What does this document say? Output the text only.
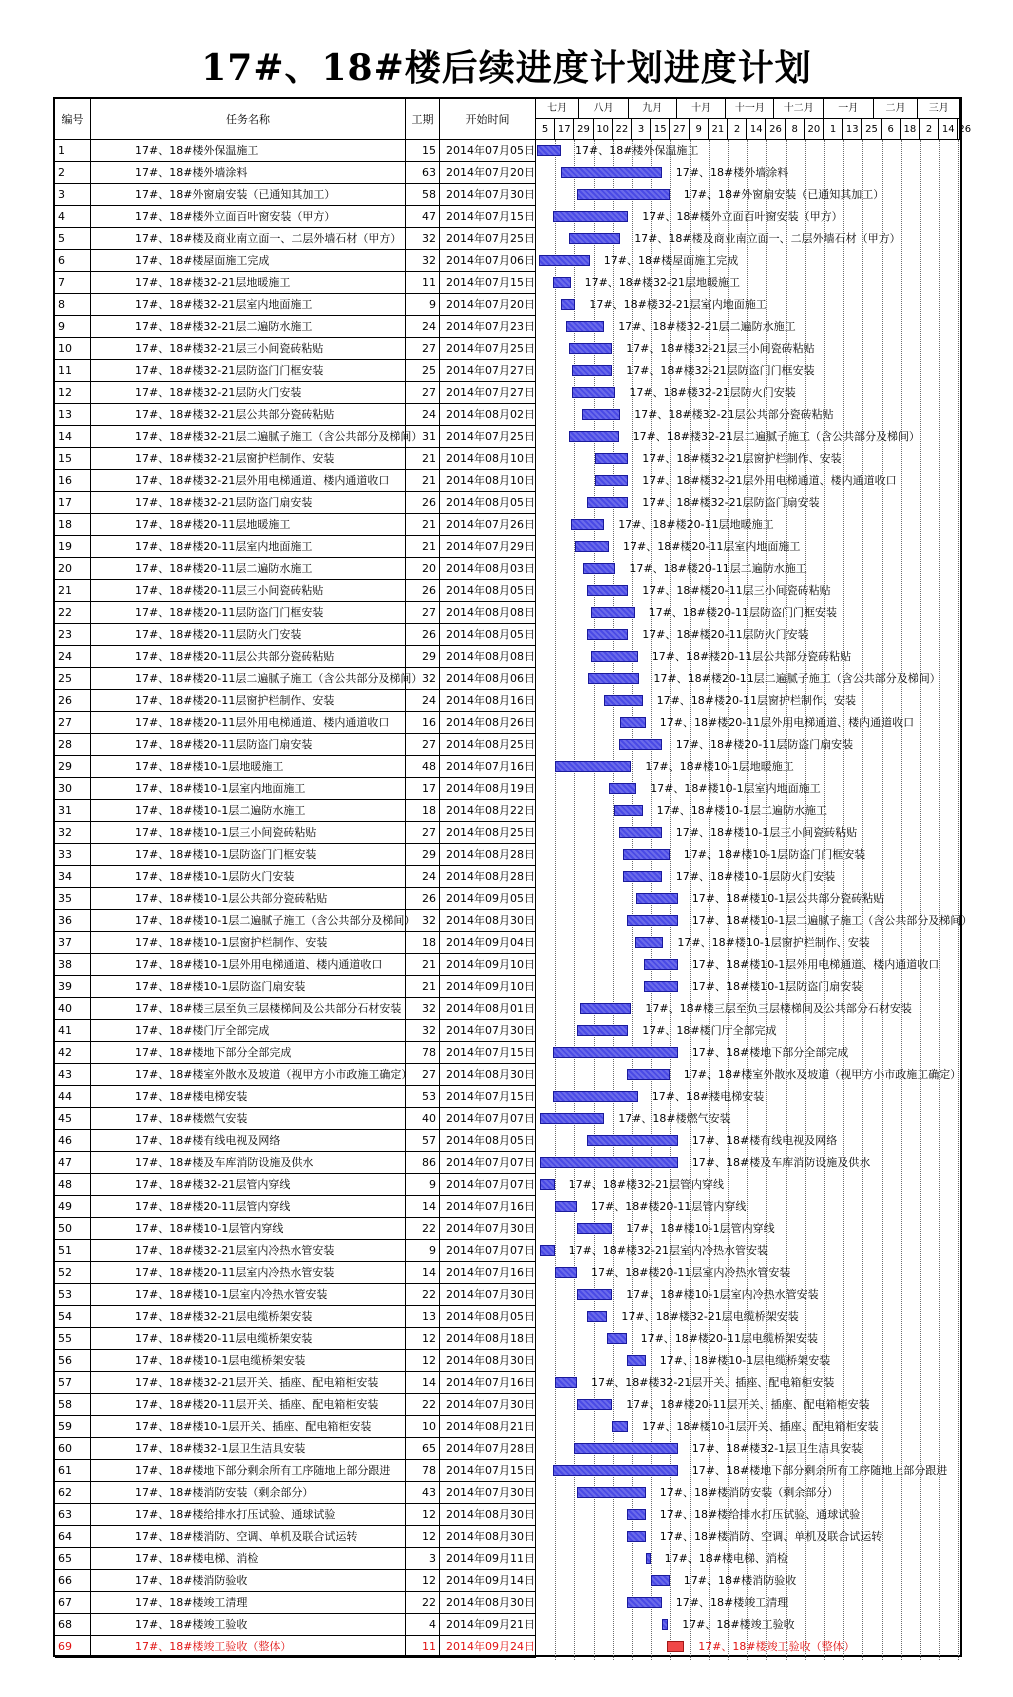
17#、18#楼后续进度计划进度计划
编号	任务名称	工期	开始时间
七月	八月	九月	十月	十一月	十二月	一月	二月	三月
5 17 29 10 22 3 15 27 9 21 2 14 26 8 20 1 13 25 6 18 2 14 26
1	17#、18#楼外保温施工	15 2014年07月05日	17#、18#楼外保温施工
2	17#、18#楼外墙涂料	63 2014年07月20日	17#、18#楼外墙涂料
3	17#、18#外窗扇安装（已通知其加工）	58 2014年07月30日	17#、18#外窗扇安装（已通知其加工）
4	17#、18#楼外立面百叶窗安装（甲方）	47 2014年07月15日	17#、18#楼外立面百叶窗安装（甲方）
5	17#、18#楼及商业南立面一、二层外墙石材（甲方）	32 2014年07月25日	17#、18#楼及商业南立面一、二层外墙石材（甲方）
6	17#、18#楼屋面施工完成	32 2014年07月06日	17#、18#楼屋面施工完成
7	17#、18#楼32-21层地暖施工	11 2014年07月15日	17#、18#楼32-21层地暖施工
8	17#、18#楼32-21层室内地面施工	9 2014年07月20日	17#、18#楼32-21层室内地面施工
9	17#、18#楼32-21层二遍防水施工	24 2014年07月23日	17#、18#楼32-21层二遍防水施工
10	17#、18#楼32-21层三小间瓷砖粘贴	27 2014年07月25日	17#、18#楼32-21层三小间瓷砖粘贴
11	17#、18#楼32-21层防盗门门框安装	25 2014年07月27日	17#、18#楼32-21层防盗门门框安装
12	17#、18#楼32-21层防火门安装	27 2014年07月27日	17#、18#楼32-21层防火门安装
13	17#、18#楼32-21层公共部分瓷砖粘贴	24 2014年08月02日	17#、18#楼32-21层公共部分瓷砖粘贴
14	17#、18#楼32-21层二遍腻子施工（含公共部分及梯间） 31 2014年07月25日	17#、18#楼32-21层二遍腻子施工（含公共部分及梯间）
15	17#、18#楼32-21层窗护栏制作、安装	21 2014年08月10日	17#、18#楼32-21层窗护栏制作、安装
16	17#、18#楼32-21层外用电梯通道、楼内通道收口	21 2014年08月10日	17#、18#楼32-21层外用电梯通道、楼内通道收口
17	17#、18#楼32-21层防盗门扇安装	26 2014年08月05日	17#、18#楼32-21层防盗门扇安装
18	17#、18#楼20-11层地暖施工	21 2014年07月26日	17#、18#楼20-11层地暖施工
19	17#、18#楼20-11层室内地面施工	21 2014年07月29日	17#、18#楼20-11层室内地面施工
20	17#、18#楼20-11层二遍防水施工	20 2014年08月03日	17#、18#楼20-11层二遍防水施工
21	17#、18#楼20-11层三小间瓷砖粘贴	26 2014年08月05日	17#、18#楼20-11层三小间瓷砖粘贴
22	17#、18#楼20-11层防盗门门框安装	27 2014年08月08日	17#、18#楼20-11层防盗门门框安装
23	17#、18#楼20-11层防火门安装	26 2014年08月05日	17#、18#楼20-11层防火门安装
24	17#、18#楼20-11层公共部分瓷砖粘贴	29 2014年08月08日	17#、18#楼20-11层公共部分瓷砖粘贴
25	17#、18#楼20-11层二遍腻子施工（含公共部分及梯间） 32 2014年08月06日	17#、18#楼20-11层二遍腻子施工（含公共部分及梯间）
26	17#、18#楼20-11层窗护栏制作、安装	24 2014年08月16日	17#、18#楼20-11层窗护栏制作、安装
27	17#、18#楼20-11层外用电梯通道、楼内通道收口	16 2014年08月26日	17#、18#楼20-11层外用电梯通道、楼内通道收口
28	17#、18#楼20-11层防盗门扇安装	27 2014年08月25日	17#、18#楼20-11层防盗门扇安装
29	17#、18#楼10-1层地暖施工	48 2014年07月16日	17#、18#楼10-1层地暖施工
30	17#、18#楼10-1层室内地面施工	17 2014年08月19日	17#、18#楼10-1层室内地面施工
31	17#、18#楼10-1层二遍防水施工	18 2014年08月22日	17#、18#楼10-1层二遍防水施工
32	17#、18#楼10-1层三小间瓷砖粘贴	27 2014年08月25日	17#、18#楼10-1层三小间瓷砖粘贴
33	17#、18#楼10-1层防盗门门框安装	29 2014年08月28日	17#、18#楼10-1层防盗门门框安装
34	17#、18#楼10-1层防火门安装	24 2014年08月28日	17#、18#楼10-1层防火门安装
35	17#、18#楼10-1层公共部分瓷砖粘贴	26 2014年09月05日	17#、18#楼10-1层公共部分瓷砖粘贴
36	17#、18#楼10-1层二遍腻子施工（含公共部分及梯间） 32 2014年08月30日	17#、18#楼10-1层二遍腻子施工（含公共部分及梯间）
37	17#、18#楼10-1层窗护栏制作、安装	18 2014年09月04日	17#、18#楼10-1层窗护栏制作、安装
38	17#、18#楼10-1层外用电梯通道、楼内通道收口	21 2014年09月10日	17#、18#楼10-1层外用电梯通道、楼内通道收口
39	17#、18#楼10-1层防盗门扇安装	21 2014年09月10日	17#、18#楼10-1层防盗门扇安装
40	17#、18#楼三层至负三层楼梯间及公共部分石材安装	32 2014年08月01日	17#、18#楼三层至负三层楼梯间及公共部分石材安装
41	17#、18#楼门厅全部完成	32 2014年07月30日	17#、18#楼门厅全部完成
42	17#、18#楼地下部分全部完成	78 2014年07月15日	17#、18#楼地下部分全部完成
43	17#、18#楼室外散水及坡道（视甲方小市政施工确定） 27 2014年08月30日	17#、18#楼室外散水及坡道（视甲方小市政施工确定）
44	17#、18#楼电梯安装	53 2014年07月15日	17#、18#楼电梯安装
45	17#、18#楼燃气安装	40 2014年07月07日	17#、18#楼燃气安装
46	17#、18#楼有线电视及网络	57 2014年08月05日	17#、18#楼有线电视及网络
47	17#、18#楼及车库消防设施及供水	86 2014年07月07日	17#、18#楼及车库消防设施及供水
48	17#、18#楼32-21层管内穿线	9 2014年07月07日	17#、18#楼32-21层管内穿线
49	17#、18#楼20-11层管内穿线	14 2014年07月16日	17#、18#楼20-11层管内穿线
50	17#、18#楼10-1层管内穿线	22 2014年07月30日	17#、18#楼10-1层管内穿线
51	17#、18#楼32-21层室内冷热水管安装	9 2014年07月07日	17#、18#楼32-21层室内冷热水管安装
52	17#、18#楼20-11层室内冷热水管安装	14 2014年07月16日	17#、18#楼20-11层室内冷热水管安装
53	17#、18#楼10-1层室内冷热水管安装	22 2014年07月30日	17#、18#楼10-1层室内冷热水管安装
54	17#、18#楼32-21层电缆桥架安装	13 2014年08月05日	17#、18#楼32-21层电缆桥架安装
55	17#、18#楼20-11层电缆桥架安装	12 2014年08月18日	17#、18#楼20-11层电缆桥架安装
56	17#、18#楼10-1层电缆桥架安装	12 2014年08月30日	17#、18#楼10-1层电缆桥架安装
57	17#、18#楼32-21层开关、插座、配电箱柜安装	14 2014年07月16日	17#、18#楼32-21层开关、插座、配电箱柜安装
58	17#、18#楼20-11层开关、插座、配电箱柜安装	22 2014年07月30日	17#、18#楼20-11层开关、插座、配电箱柜安装
59	17#、18#楼10-1层开关、插座、配电箱柜安装	10 2014年08月21日	17#、18#楼10-1层开关、插座、配电箱柜安装
60	17#、18#楼32-1层卫生洁具安装	65 2014年07月28日	17#、18#楼32-1层卫生洁具安装
61	17#、18#楼地下部分剩余所有工序随地上部分跟进	78 2014年07月15日	17#、18#楼地下部分剩余所有工序随地上部分跟进
62	17#、18#楼消防安装（剩余部分）	43 2014年07月30日	17#、18#楼消防安装（剩余部分）
63	17#、18#楼给排水打压试验、通球试验	12 2014年08月30日	17#、18#楼给排水打压试验、通球试验
64	17#、18#楼消防、空调、单机及联合试运转	12 2014年08月30日	17#、18#楼消防、空调、单机及联合试运转
65	17#、18#楼电梯、消检	3 2014年09月11日	17#、18#楼电梯、消检
66	17#、18#楼消防验收	12 2014年09月14日	17#、18#楼消防验收
67	17#、18#楼竣工清理	22 2014年08月30日	17#、18#楼竣工清理
68	17#、18#楼竣工验收	4 2014年09月21日	17#、18#楼竣工验收
69	17#、18#楼竣工验收（整体）	11 2014年09月24日	17#、18#楼竣工验收（整体）
